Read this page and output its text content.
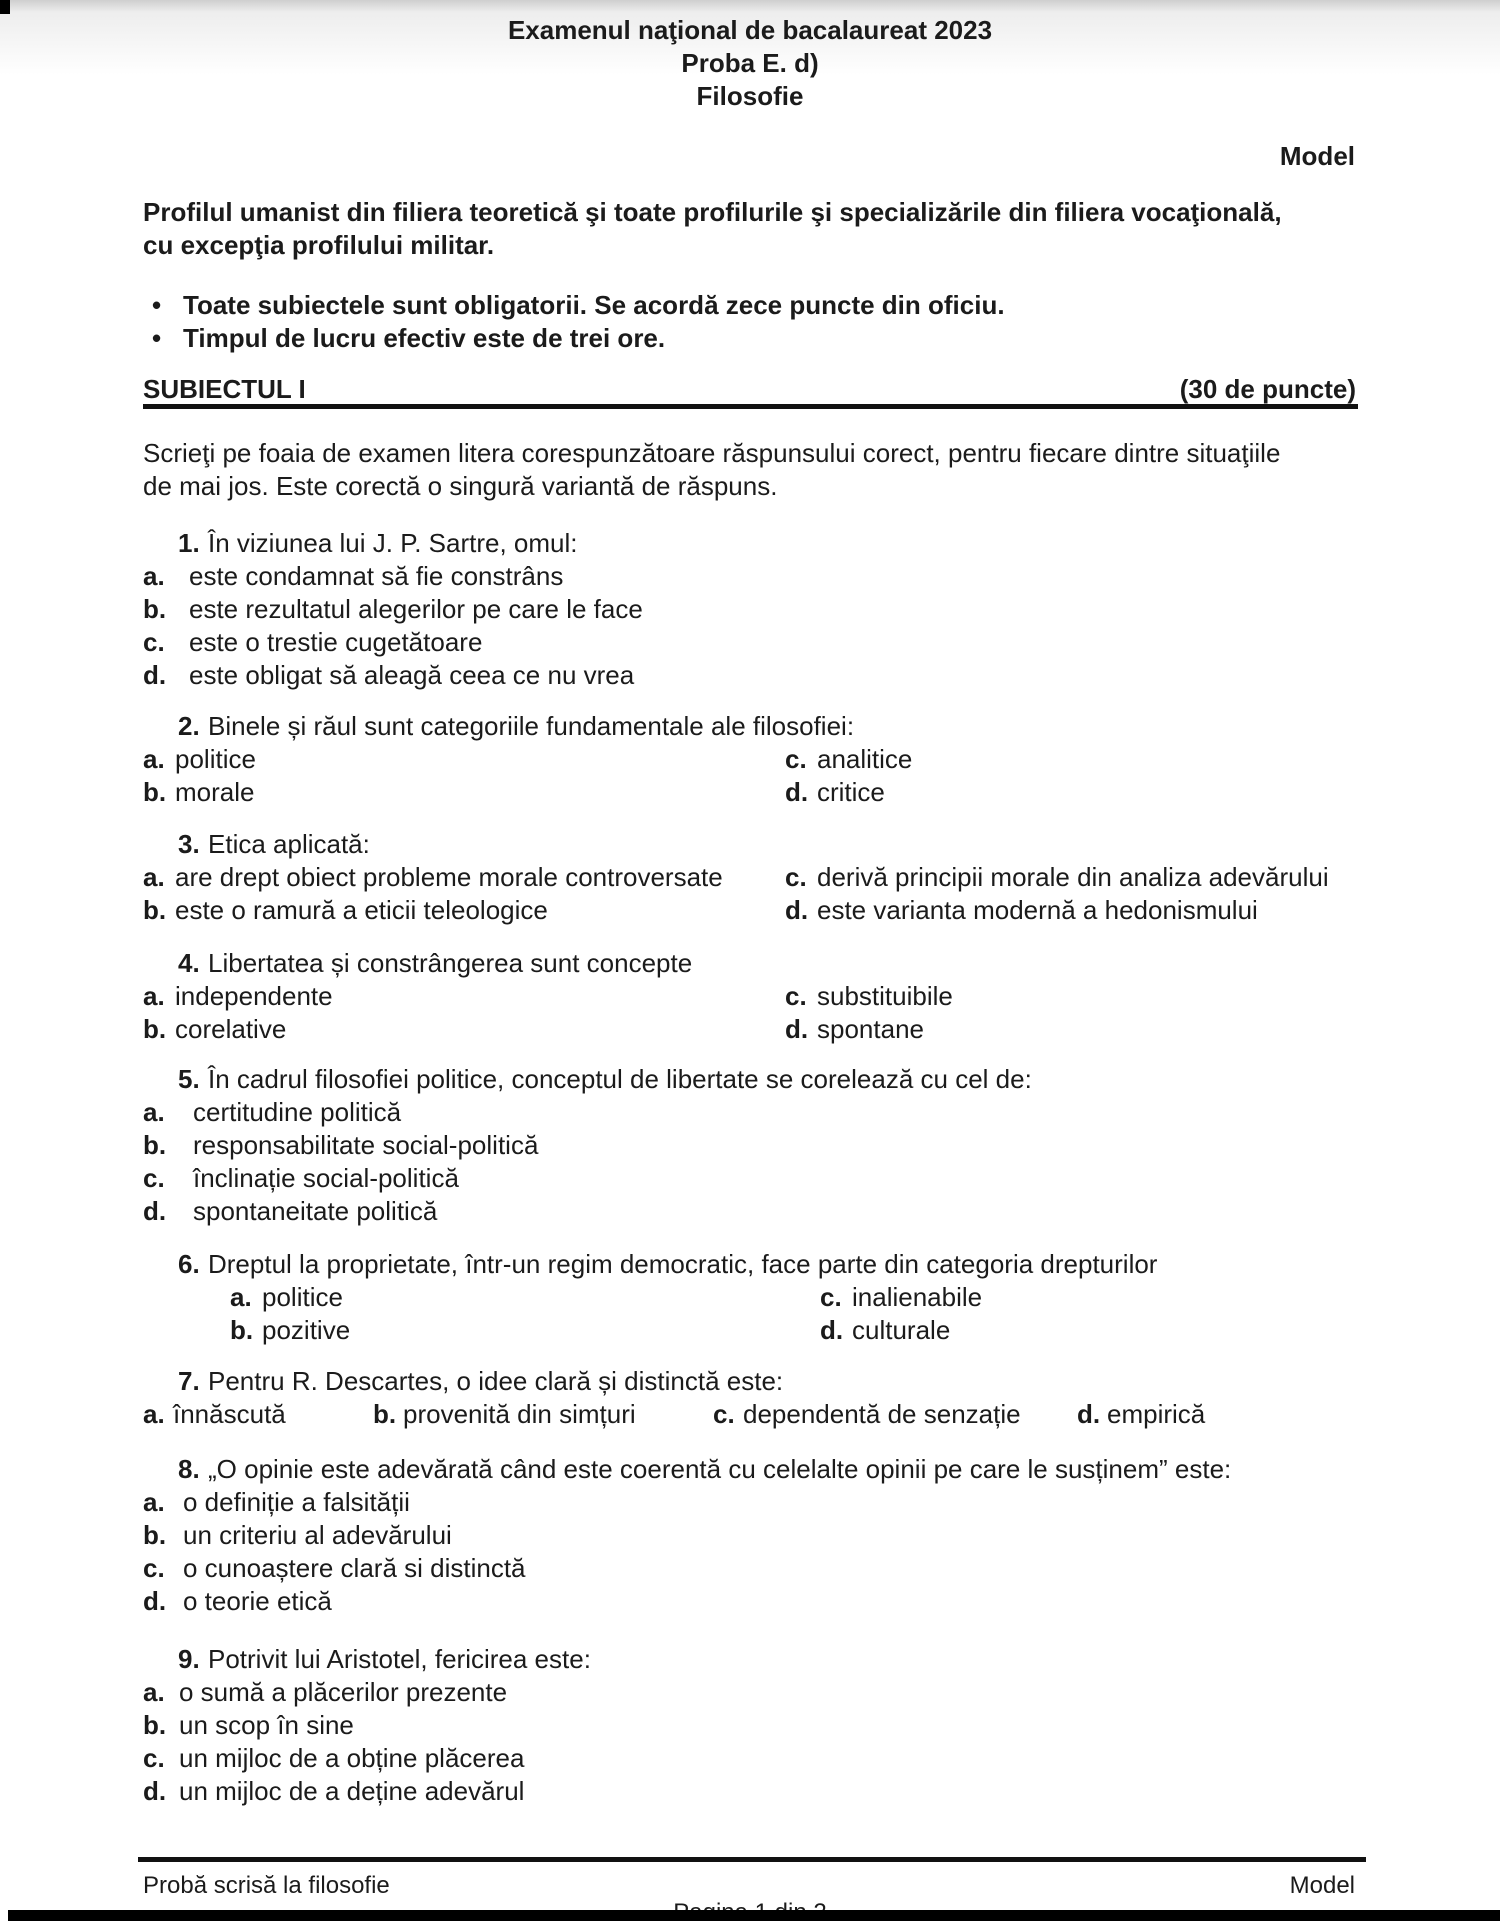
Examenul naţional de bacalaureat 2023
Proba E. d)
Filosofie
Model
Profilul umanist din filiera teoretică şi toate profilurile şi specializările din filiera vocaţională,
cu excepţia profilului militar.
• Toate subiectele sunt obligatorii. Se acordă zece puncte din oficiu.
• Timpul de lucru efectiv este de trei ore.
SUBIECTUL I	(30 de puncte)
Scrieţi pe foaia de examen litera corespunzătoare răspunsului corect, pentru fiecare dintre situaţiile
de mai jos. Este corectă o singură variantă de răspuns.
1. În viziunea lui J. P. Sartre, omul:
a. este condamnat să fie constrâns
b. este rezultatul alegerilor pe care le face
c. este o trestie cugetătoare
d. este obligat să aleagă ceea ce nu vrea
2. Binele și răul sunt categoriile fundamentale ale filosofiei:
a. politice	c. analitice
b. morale	d. critice
3. Etica aplicată:
a. are drept obiect probleme morale controversate c. derivă principii morale din analiza adevărului
b. este o ramură a eticii teleologice	d. este varianta modernă a hedonismului
4. Libertatea și constrângerea sunt concepte
a. independente	c. substituibile
b. corelative	d. spontane
5. În cadrul filosofiei politice, conceptul de libertate se corelează cu cel de:
a. certitudine politică
b. responsabilitate social-politică
c. înclinație social-politică
d. spontaneitate politică
6. Dreptul la proprietate, într-un regim democratic, face parte din categoria drepturilor
a. politice	c. inalienabile
b. pozitive	d. culturale
7. Pentru R. Descartes, o idee clară și distinctă este:
a. înnăscută	b. provenită din simțuri	c. dependentă de senzație d. empirică
8. „O opinie este adevărată când este coerentă cu celelalte opinii pe care le susținem” este:
a. o definiție a falsității
b. un criteriu al adevărului
c. o cunoaștere clară si distinctă
d. o teorie etică
9. Potrivit lui Aristotel, fericirea este:
a. o sumă a plăcerilor prezente
b. un scop în sine
c. un mijloc de a obține plăcerea
d. un mijloc de a deține adevărul
Probă scrisă la filosofie	Model
